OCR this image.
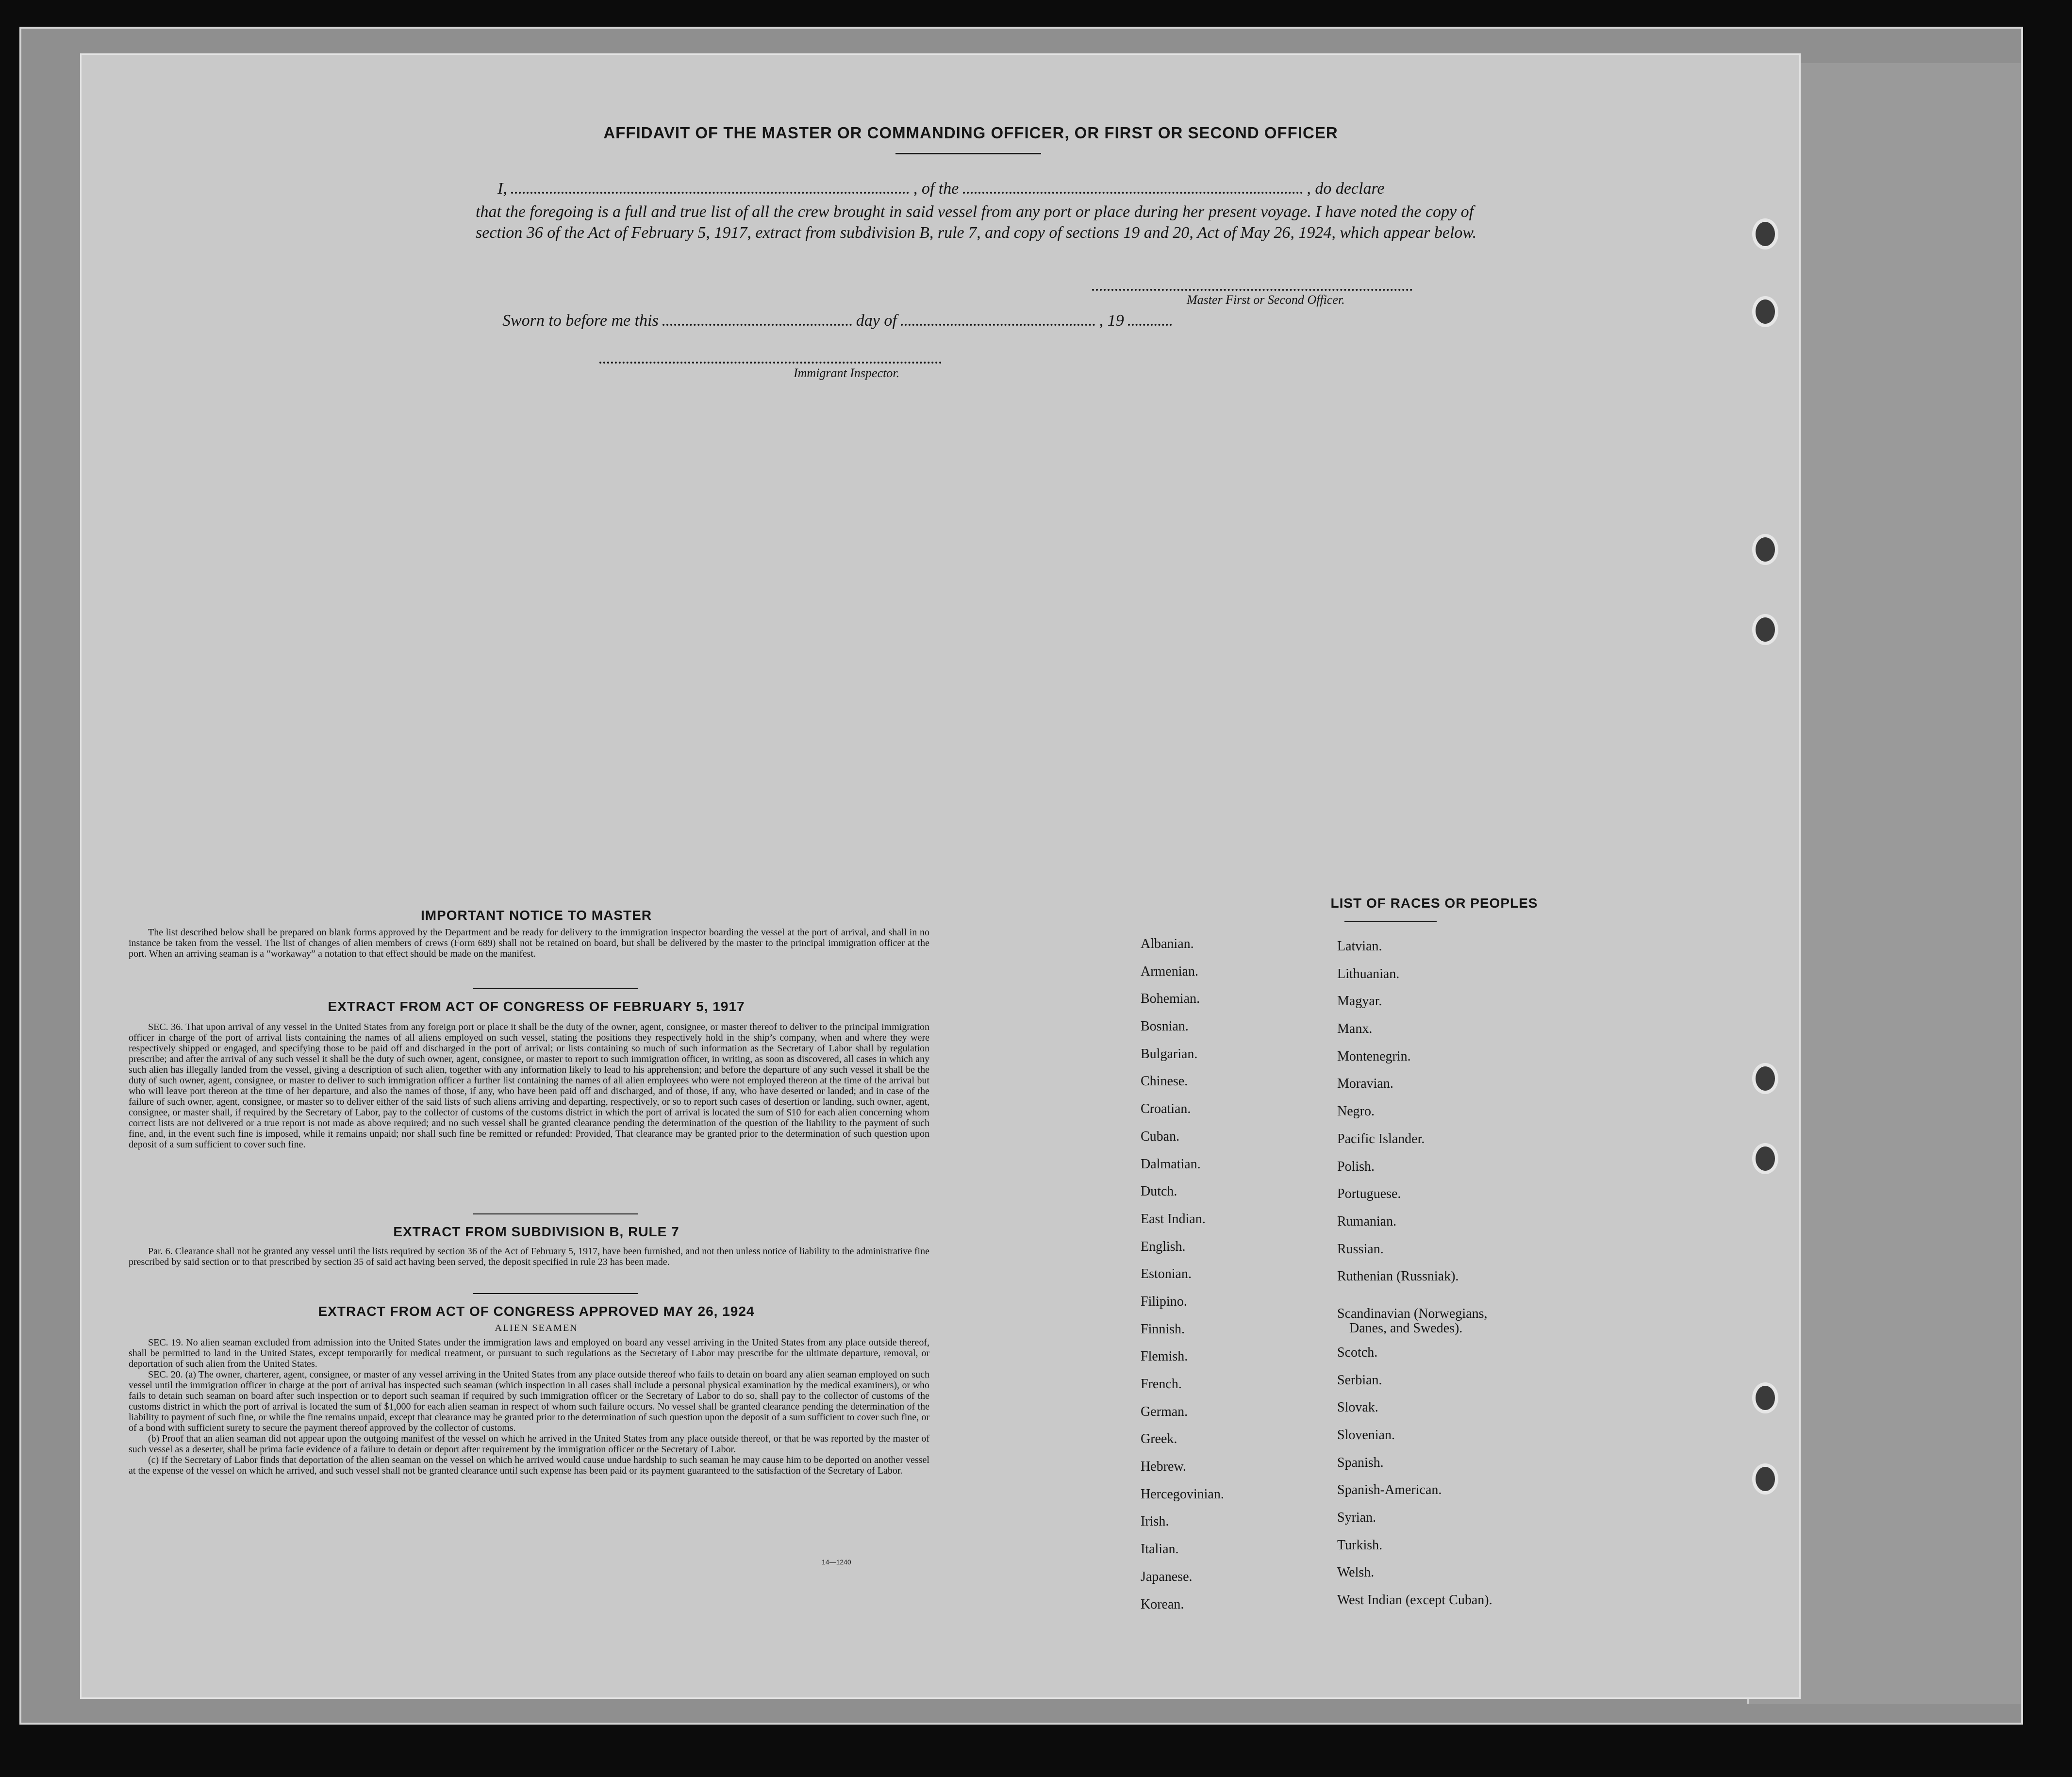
AFFIDAVIT OF THE MASTER OR COMMANDING OFFICER, OR FIRST OR SECOND OFFICER
I,	, of the	, do declare
that the foregoing is a full and true list of all the crew brought in said vessel from any port or place during her present voyage. I have noted the copy of section 36 of the Act of February 5, 1917, extract from subdivision B, rule 7, and copy of sections 19 and 20, Act of May 26, 1924, which appear below.
Master First or Second Officer.
Sworn to before me this	day of	, 19
Immigrant Inspector.
IMPORTANT NOTICE TO MASTER

The list described below shall be prepared on blank forms approved by the Department and be ready for delivery to the immigration inspector boarding the vessel at the port of arrival, and shall in no instance be taken from the vessel. The list of changes of alien members of crews (Form 689) shall not be retained on board, but shall be delivered by the master to the principal immigration officer at the port. When an arriving seaman is a “workaway” a notation to that effect should be made on the manifest.

EXTRACT FROM ACT OF CONGRESS OF FEBRUARY 5, 1917

SEC. 36. That upon arrival of any vessel in the United States from any foreign port or place it shall be the duty of the owner, agent, consignee, or master thereof to deliver to the principal immigration officer in charge of the port of arrival lists containing the names of all aliens employed on such vessel, stating the positions they respectively hold in the ship’s company, when and where they were respectively shipped or engaged, and specifying those to be paid off and discharged in the port of arrival; or lists containing so much of such information as the Secretary of Labor shall by regulation prescribe; and after the arrival of any such vessel it shall be the duty of such owner, agent, consignee, or master to report to such immigration officer, in writing, as soon as discovered, all cases in which any such alien has illegally landed from the vessel, giving a description of such alien, together with any information likely to lead to his apprehension; and before the departure of any such vessel it shall be the duty of such owner, agent, consignee, or master to deliver to such immigration officer a further list containing the names of all alien employees who were not employed thereon at the time of the arrival but who will leave port thereon at the time of her departure, and also the names of those, if any, who have been paid off and discharged, and of those, if any, who have deserted or landed; and in case of the failure of such owner, agent, consignee, or master so to deliver either of the said lists of such aliens arriving and departing, respectively, or so to report such cases of desertion or landing, such owner, agent, consignee, or master shall, if required by the Secretary of Labor, pay to the collector of customs of the customs district in which the port of arrival is located the sum of $10 for each alien concerning whom correct lists are not delivered or a true report is not made as above required; and no such vessel shall be granted clearance pending the determination of the question of the liability to the payment of such fine, and, in the event such fine is imposed, while it remains unpaid; nor shall such fine be remitted or refunded: Provided, That clearance may be granted prior to the determination of such question upon deposit of a sum sufficient to cover such fine.

EXTRACT FROM SUBDIVISION B, RULE 7

Par. 6. Clearance shall not be granted any vessel until the lists required by section 36 of the Act of February 5, 1917, have been furnished, and not then unless notice of liability to the administrative fine prescribed by said section or to that prescribed by section 35 of said act having been served, the deposit specified in rule 23 has been made.

EXTRACT FROM ACT OF CONGRESS APPROVED MAY 26, 1924
ALIEN SEAMEN

SEC. 19. No alien seaman excluded from admission into the United States under the immigration laws and employed on board any vessel arriving in the United States from any place outside thereof, shall be permitted to land in the United States, except temporarily for medical treatment, or pursuant to such regulations as the Secretary of Labor may prescribe for the ultimate departure, removal, or deportation of such alien from the United States.

SEC. 20. (a) The owner, charterer, agent, consignee, or master of any vessel arriving in the United States from any place outside thereof who fails to detain on board any alien seaman employed on such vessel until the immigration officer in charge at the port of arrival has inspected such seaman (which inspection in all cases shall include a personal physical examination by the medical examiners), or who fails to detain such seaman on board after such inspection or to deport such seaman if required by such immigration officer or the Secretary of Labor to do so, shall pay to the collector of customs of the customs district in which the port of arrival is located the sum of $1,000 for each alien seaman in respect of whom such failure occurs. No vessel shall be granted clearance pending the determination of the liability to payment of such fine, or while the fine remains unpaid, except that clearance may be granted prior to the determination of such question upon the deposit of a sum sufficient to cover such fine, or of a bond with sufficient surety to secure the payment thereof approved by the collector of customs.

(b) Proof that an alien seaman did not appear upon the outgoing manifest of the vessel on which he arrived in the United States from any place outside thereof, or that he was reported by the master of such vessel as a deserter, shall be prima facie evidence of a failure to detain or deport after requirement by the immigration officer or the Secretary of Labor.

(c) If the Secretary of Labor finds that deportation of the alien seaman on the vessel on which he arrived would cause undue hardship to such seaman he may cause him to be deported on another vessel at the expense of the vessel on which he arrived, and such vessel shall not be granted clearance until such expense has been paid or its payment guaranteed to the satisfaction of the Secretary of Labor.

14—1240
LIST OF RACES OR PEOPLES
Albanian.
Armenian.
Bohemian.
Bosnian.
Bulgarian.
Chinese.
Croatian.
Cuban.
Dalmatian.
Dutch.
East Indian.
English.
Estonian.
Filipino.
Finnish.
Flemish.
French.
German.
Greek.
Hebrew.
Hercegovinian.
Irish.
Italian.
Japanese.
Korean.
Latvian.
Lithuanian.
Magyar.
Manx.
Montenegrin.
Moravian.
Negro.
Pacific Islander.
Polish.
Portuguese.
Rumanian.
Russian.
Ruthenian (Russniak).
Scandinavian (Norwegians,
Danes, and Swedes).
Scotch.
Serbian.
Slovak.
Slovenian.
Spanish.
Spanish-American.
Syrian.
Turkish.
Welsh.
West Indian (except Cuban).
